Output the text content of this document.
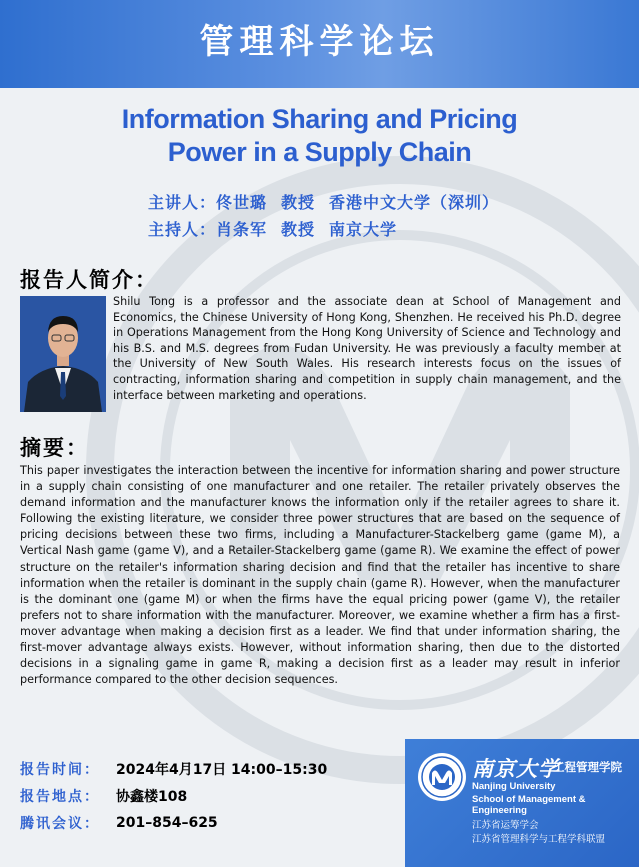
管理科学论坛
Information Sharing and Pricing
Power in a Supply Chain
主讲人：佟世璐 教授 香港中文大学（深圳）
主持人：肖条军 教授 南京大学
报告人简介：
Shilu Tong is a professor and the associate dean at School of Management and Economics, the Chinese University of Hong Kong, Shenzhen. He received his Ph.D. degree in Operations Management from the Hong Kong University of Science and Technology and his B.S. and M.S. degrees from Fudan University. He was previously a faculty member at the University of New South Wales. His research interests focus on the issues of contracting, information sharing and competition in supply chain management, and the interface between marketing and operations.
摘要：
This paper investigates the interaction between the incentive for information sharing and power structure in a supply chain consisting of one manufacturer and one retailer. The retailer privately observes the demand information and the manufacturer knows the information only if the retailer agrees to share it. Following the existing literature, we consider three power structures that are based on the sequence of pricing decisions between these two firms, including a Manufacturer-Stackelberg game (game M), a Vertical Nash game (game V), and a Retailer-Stackelberg game (game R). We examine the effect of power structure on the retailer's information sharing decision and find that the retailer has incentive to share information when the retailer is dominant in the supply chain (game R). However, when the manufacturer is the dominant one (game M) or when the firms have the equal pricing power (game V), the retailer prefers not to share information with the manufacturer. Moreover, we examine whether a firm has a first-mover advantage when making a decision first as a leader. We find that under information sharing, the first-mover advantage always exists. However, without information sharing, then due to the distorted decisions in a signaling game in game R, making a decision first as a leader may result in inferior performance compared to the other decision sequences.
报告时间：	2024年4月17日 14:00–15:30
报告地点：	协鑫楼108
腾讯会议：	201–854–625
南京大学
工程管理学院
Nanjing University
School of Management & Engineering
江苏省运筹学会
江苏省管理科学与工程学科联盟
